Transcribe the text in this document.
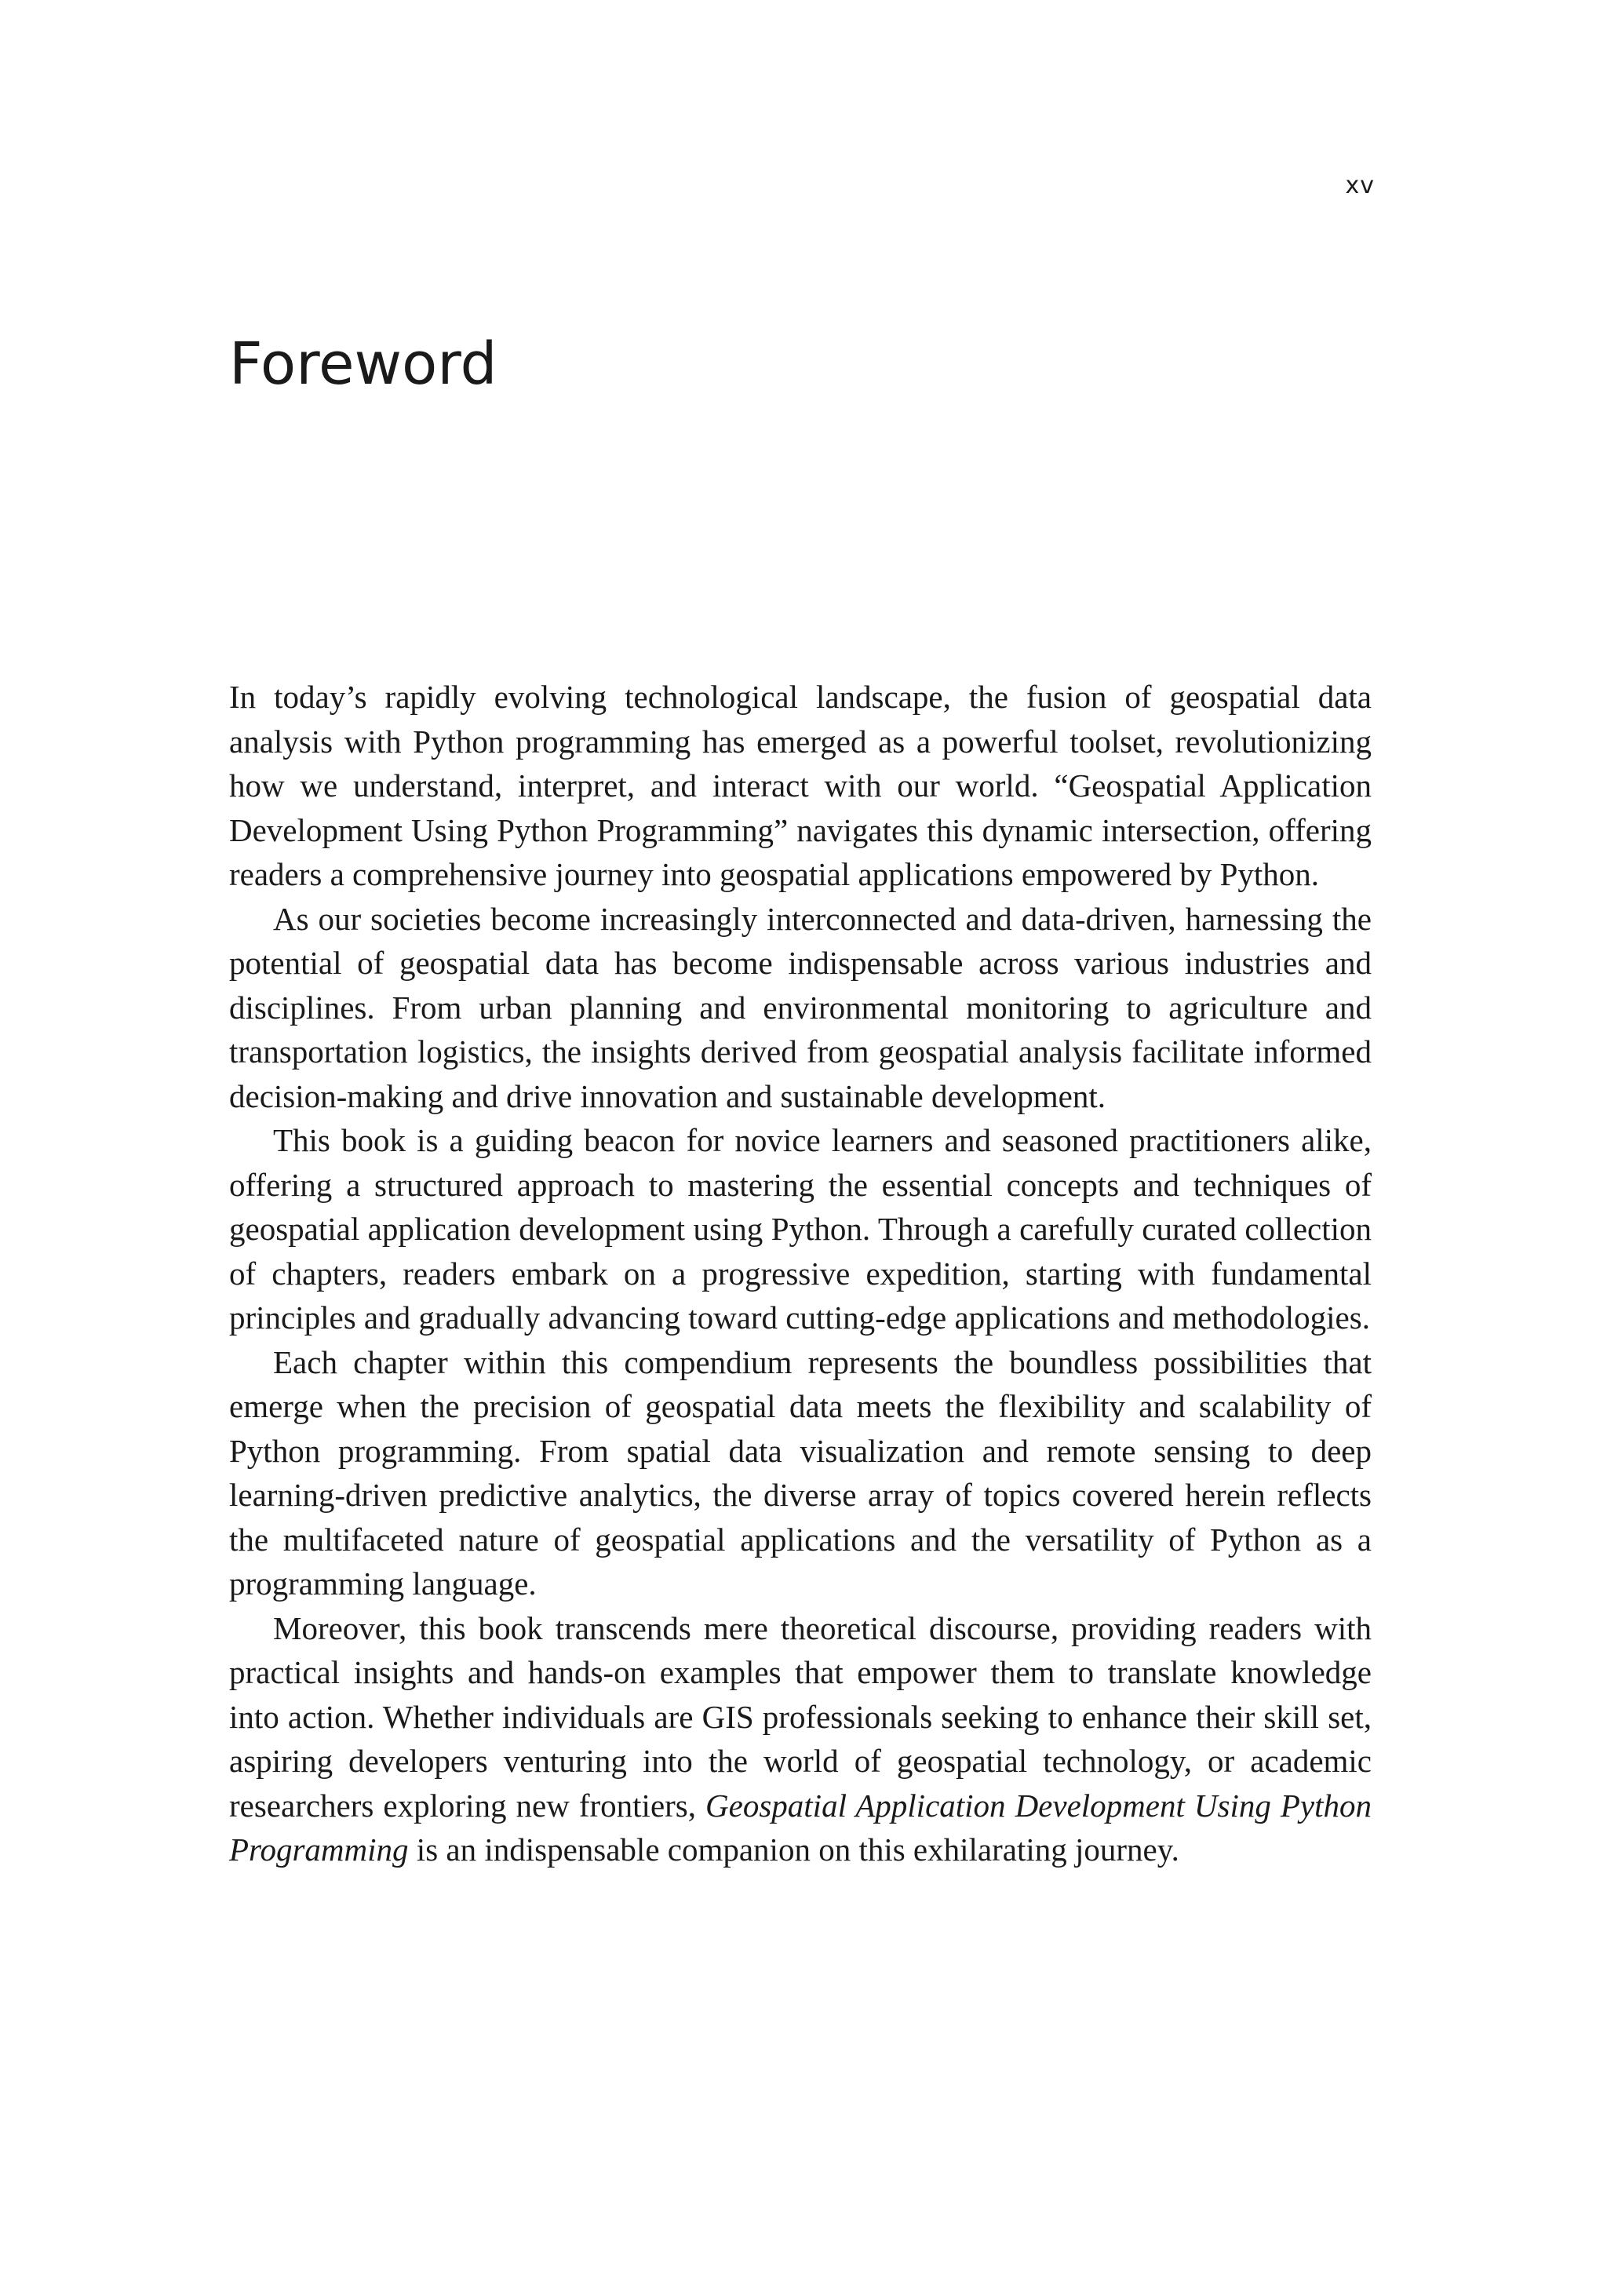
xv
Foreword

In today’s rapidly evolving technological landscape, the fusion of geospatial data analysis with Python programming has emerged as a powerful toolset, revolutionizing how we understand, interpret, and interact with our world. “Geospatial Application Development Using Python Programming” navigates this dynamic intersection, offering readers a comprehensive journey into geospatial applications empowered by Python.

As our societies become increasingly interconnected and data-driven, harnessing the potential of geospatial data has become indispensable across various industries and disciplines. From urban planning and environmental monitoring to agriculture and transportation logistics, the insights derived from geospatial analysis facilitate informed decision-making and drive innovation and sustainable development.

This book is a guiding beacon for novice learners and seasoned practitioners alike, offering a structured approach to mastering the essential concepts and techniques of geospatial application development using Python. Through a carefully curated collection of chapters, readers embark on a progressive expedition, starting with fundamental principles and gradually advancing toward cutting-edge applications and methodologies.

Each chapter within this compendium represents the boundless possibilities that emerge when the precision of geospatial data meets the flexibility and scalability of Python programming. From spatial data visualization and remote sensing to deep learning-driven predictive analytics, the diverse array of topics covered herein reflects the multifaceted nature of geospatial applications and the versatility of Python as a programming language.

Moreover, this book transcends mere theoretical discourse, providing readers with practical insights and hands-on examples that empower them to translate knowledge into action. Whether individuals are GIS professionals seeking to enhance their skill set, aspiring developers venturing into the world of geospatial technology, or academic researchers exploring new frontiers, Geospatial Application Development Using Python Programming is an indispensable companion on this exhilarating journey.
